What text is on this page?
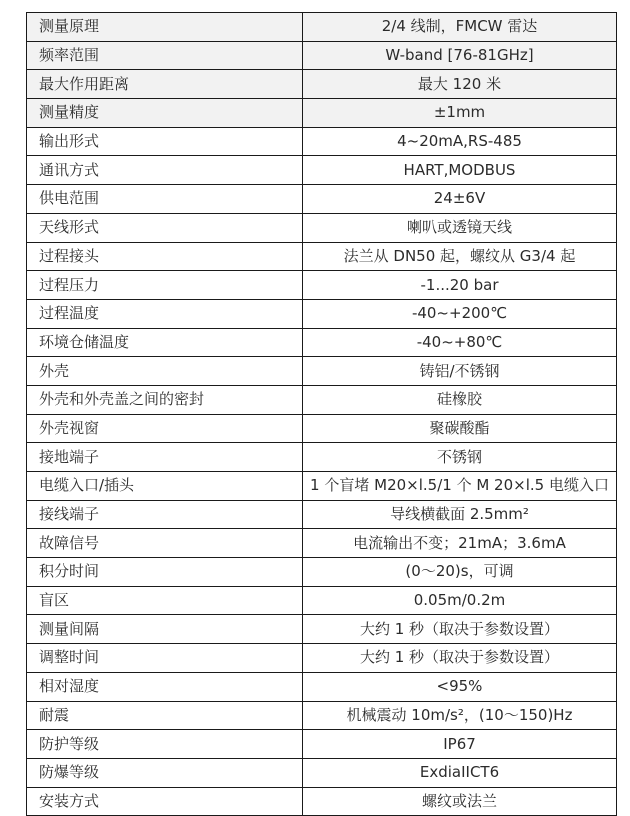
测量原理	2/4 线制，FMCW 雷达
频率范围	W-band [76-81GHz]
最大作用距离	最大 120 米
测量精度	±1mm
输出形式	4~20mA,RS-485
通讯方式	HART,MODBUS
供电范围	24±6V
天线形式	喇叭或透镜天线
过程接头	法兰从 DN50 起，螺纹从 G3/4 起
过程压力	-1...20 bar
过程温度	-40~+200℃
环境仓储温度	-40~+80℃
外壳	铸铝/不锈钢
外壳和外壳盖之间的密封	硅橡胶
外壳视窗	聚碳酸酯
接地端子	不锈钢
电缆入口/插头	1 个盲堵 M20×l.5/1 个 M 20×l.5 电缆入口
接线端子	导线横截面 2.5mm²
故障信号	电流输出不变；21mA；3.6mA
积分时间	(0～20)s，可调
盲区	0.05m/0.2m
测量间隔	大约 1 秒（取决于参数设置）
调整时间	大约 1 秒（取决于参数设置）
相对湿度	<95%
耐震	机械震动 10m/s²，(10～150)Hz
防护等级	IP67
防爆等级	ExdiaIICT6
安装方式	螺纹或法兰
